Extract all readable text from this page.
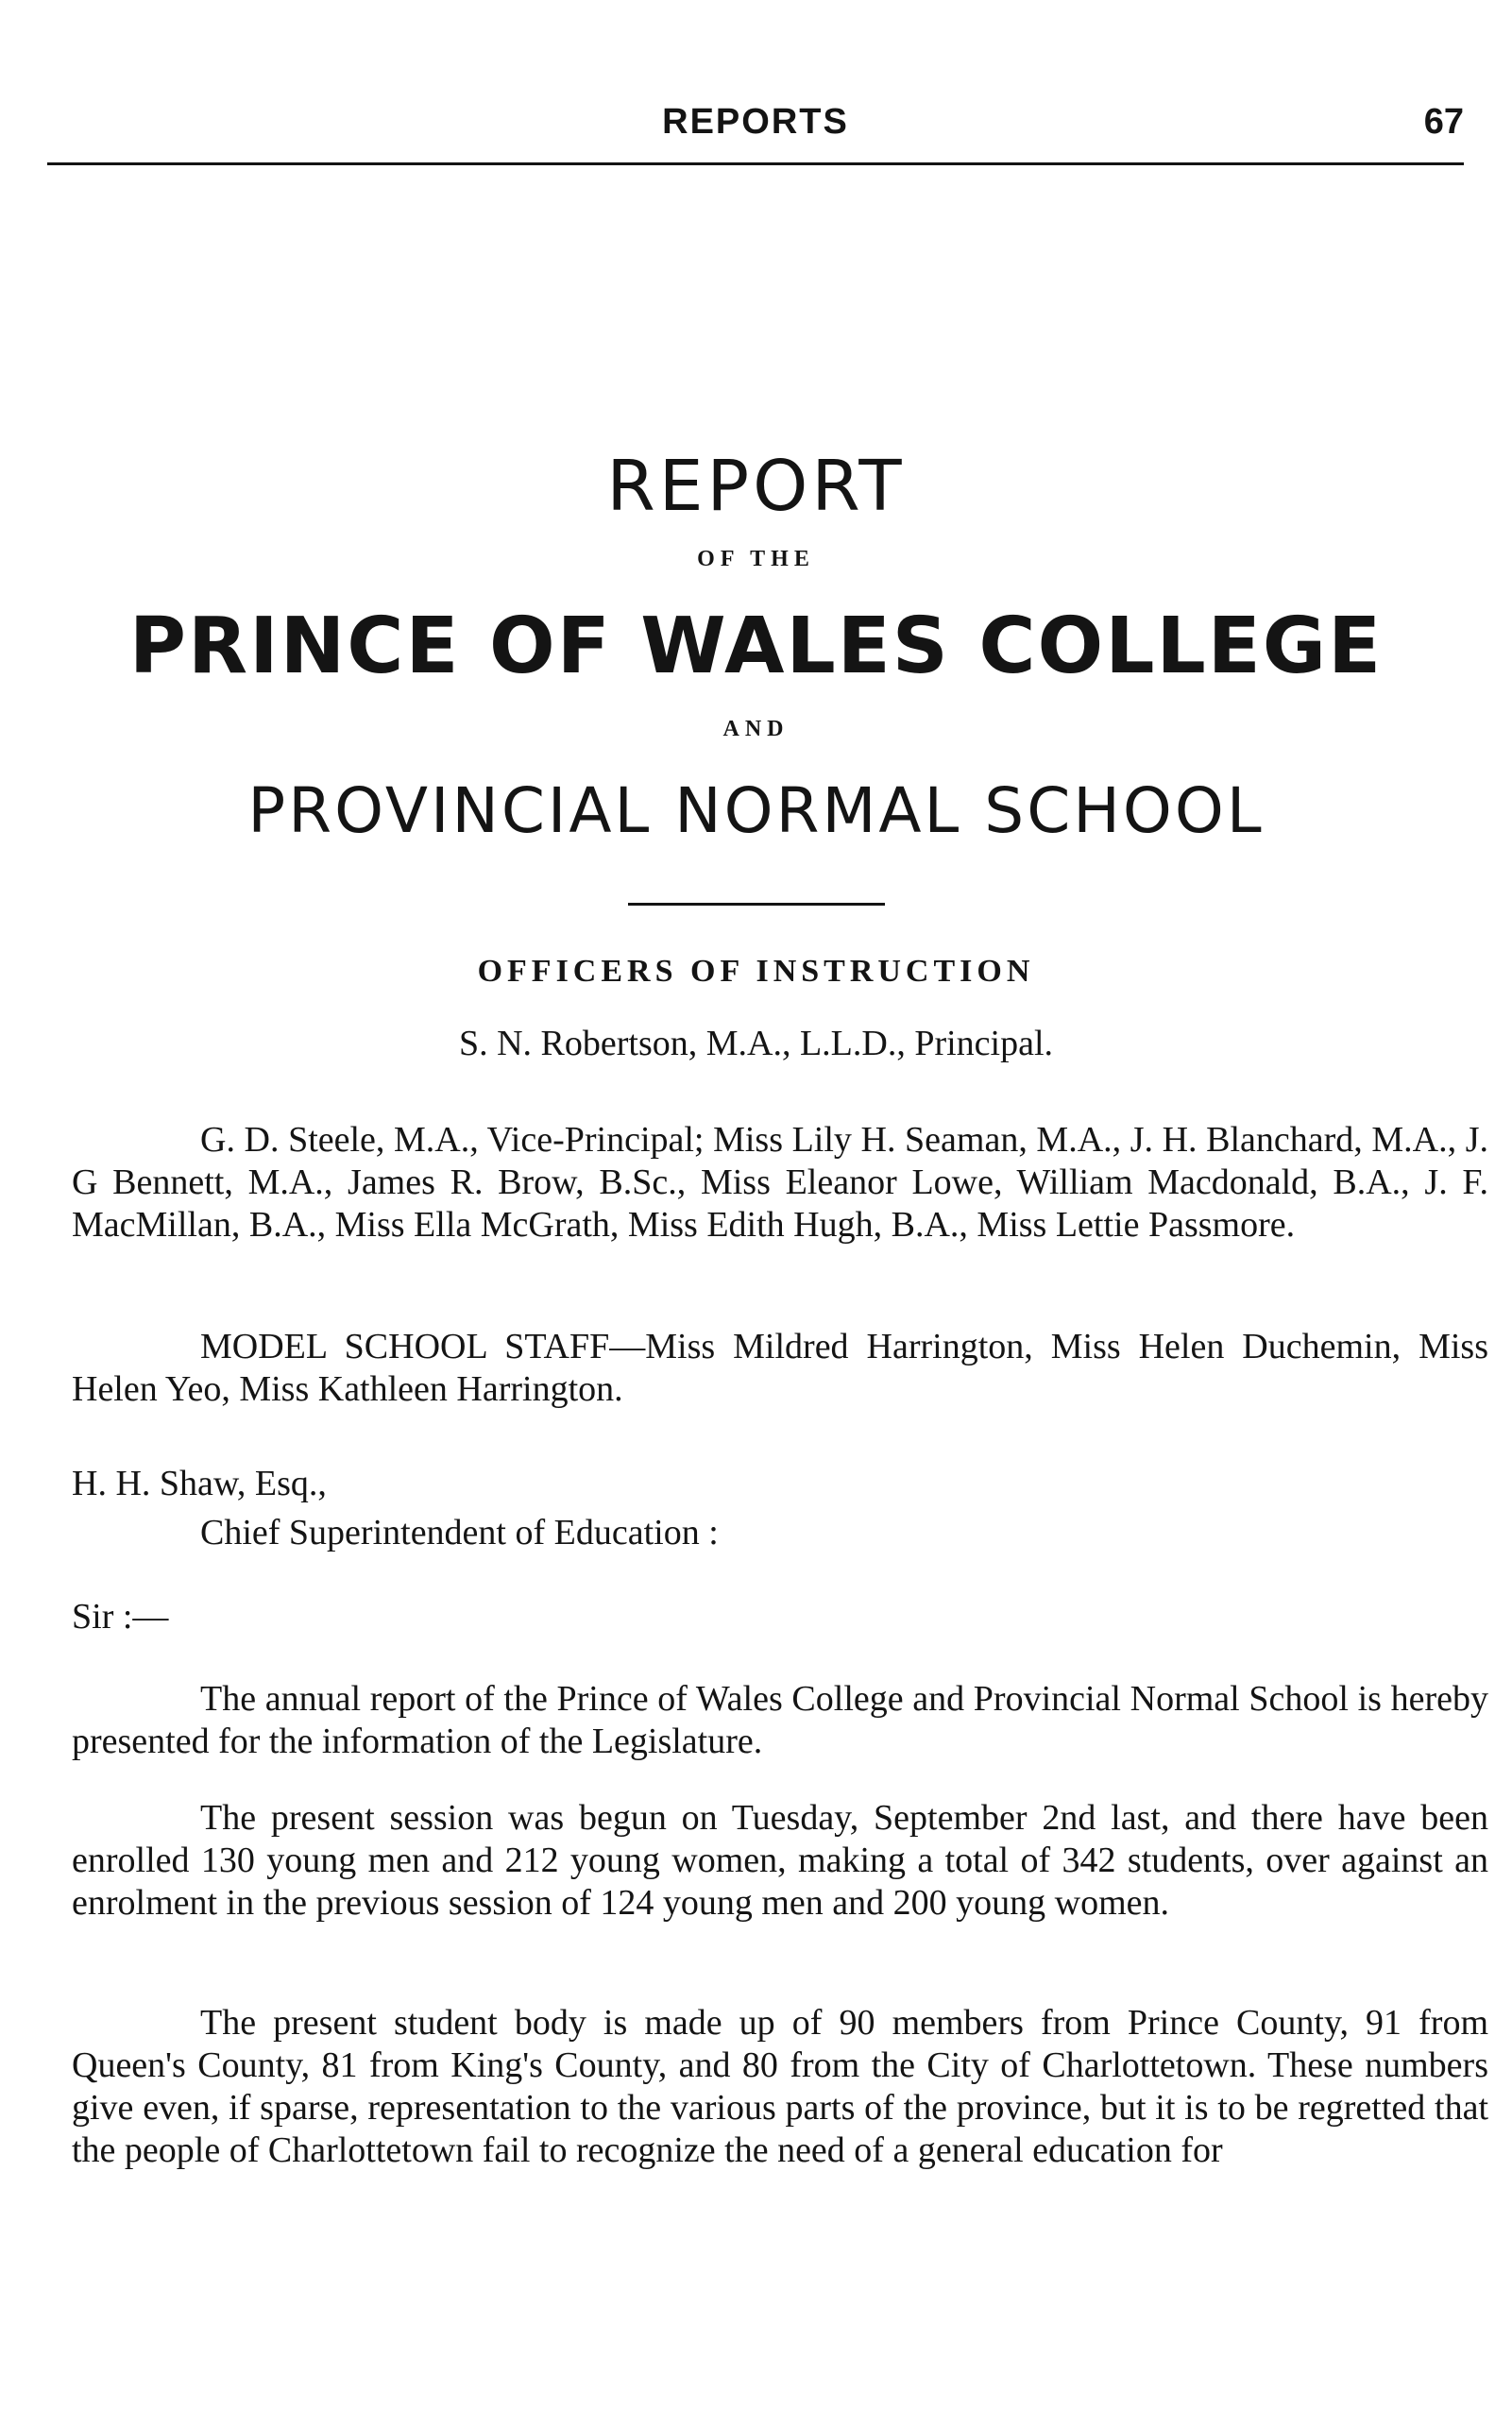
REPORTS	67

REPORT

OF THE

PRINCE OF WALES COLLEGE

AND

PROVINCIAL NORMAL SCHOOL

OFFICERS OF INSTRUCTION

S. N. Robertson, M.A., L.L.D., Principal.

G. D. Steele, M.A., Vice-Principal; Miss Lily H. Seaman, M.A., J. H. Blanchard, M.A., J. G Bennett, M.A., James R. Brow, B.Sc., Miss Eleanor Lowe, William Macdonald, B.A., J. F. MacMillan, B.A., Miss Ella McGrath, Miss Edith Hugh, B.A., Miss Lettie Passmore.

MODEL SCHOOL STAFF—Miss Mildred Harrington, Miss Helen Duchemin, Miss Helen Yeo, Miss Kathleen Harrington.

H. H. Shaw, Esq.,

Chief Superintendent of Education :

Sir :—

The annual report of the Prince of Wales College and Provincial Normal School is hereby presented for the information of the Legislature.

The present session was begun on Tuesday, September 2nd last, and there have been enrolled 130 young men and 212 young women, making a total of 342 students, over against an enrolment in the previous session of 124 young men and 200 young women.

The present student body is made up of 90 members from Prince County, 91 from Queen's County, 81 from King's County, and 80 from the City of Charlottetown. These numbers give even, if sparse, representation to the various parts of the province, but it is to be regretted that the people of Charlottetown fail to recognize the need of a general education for
